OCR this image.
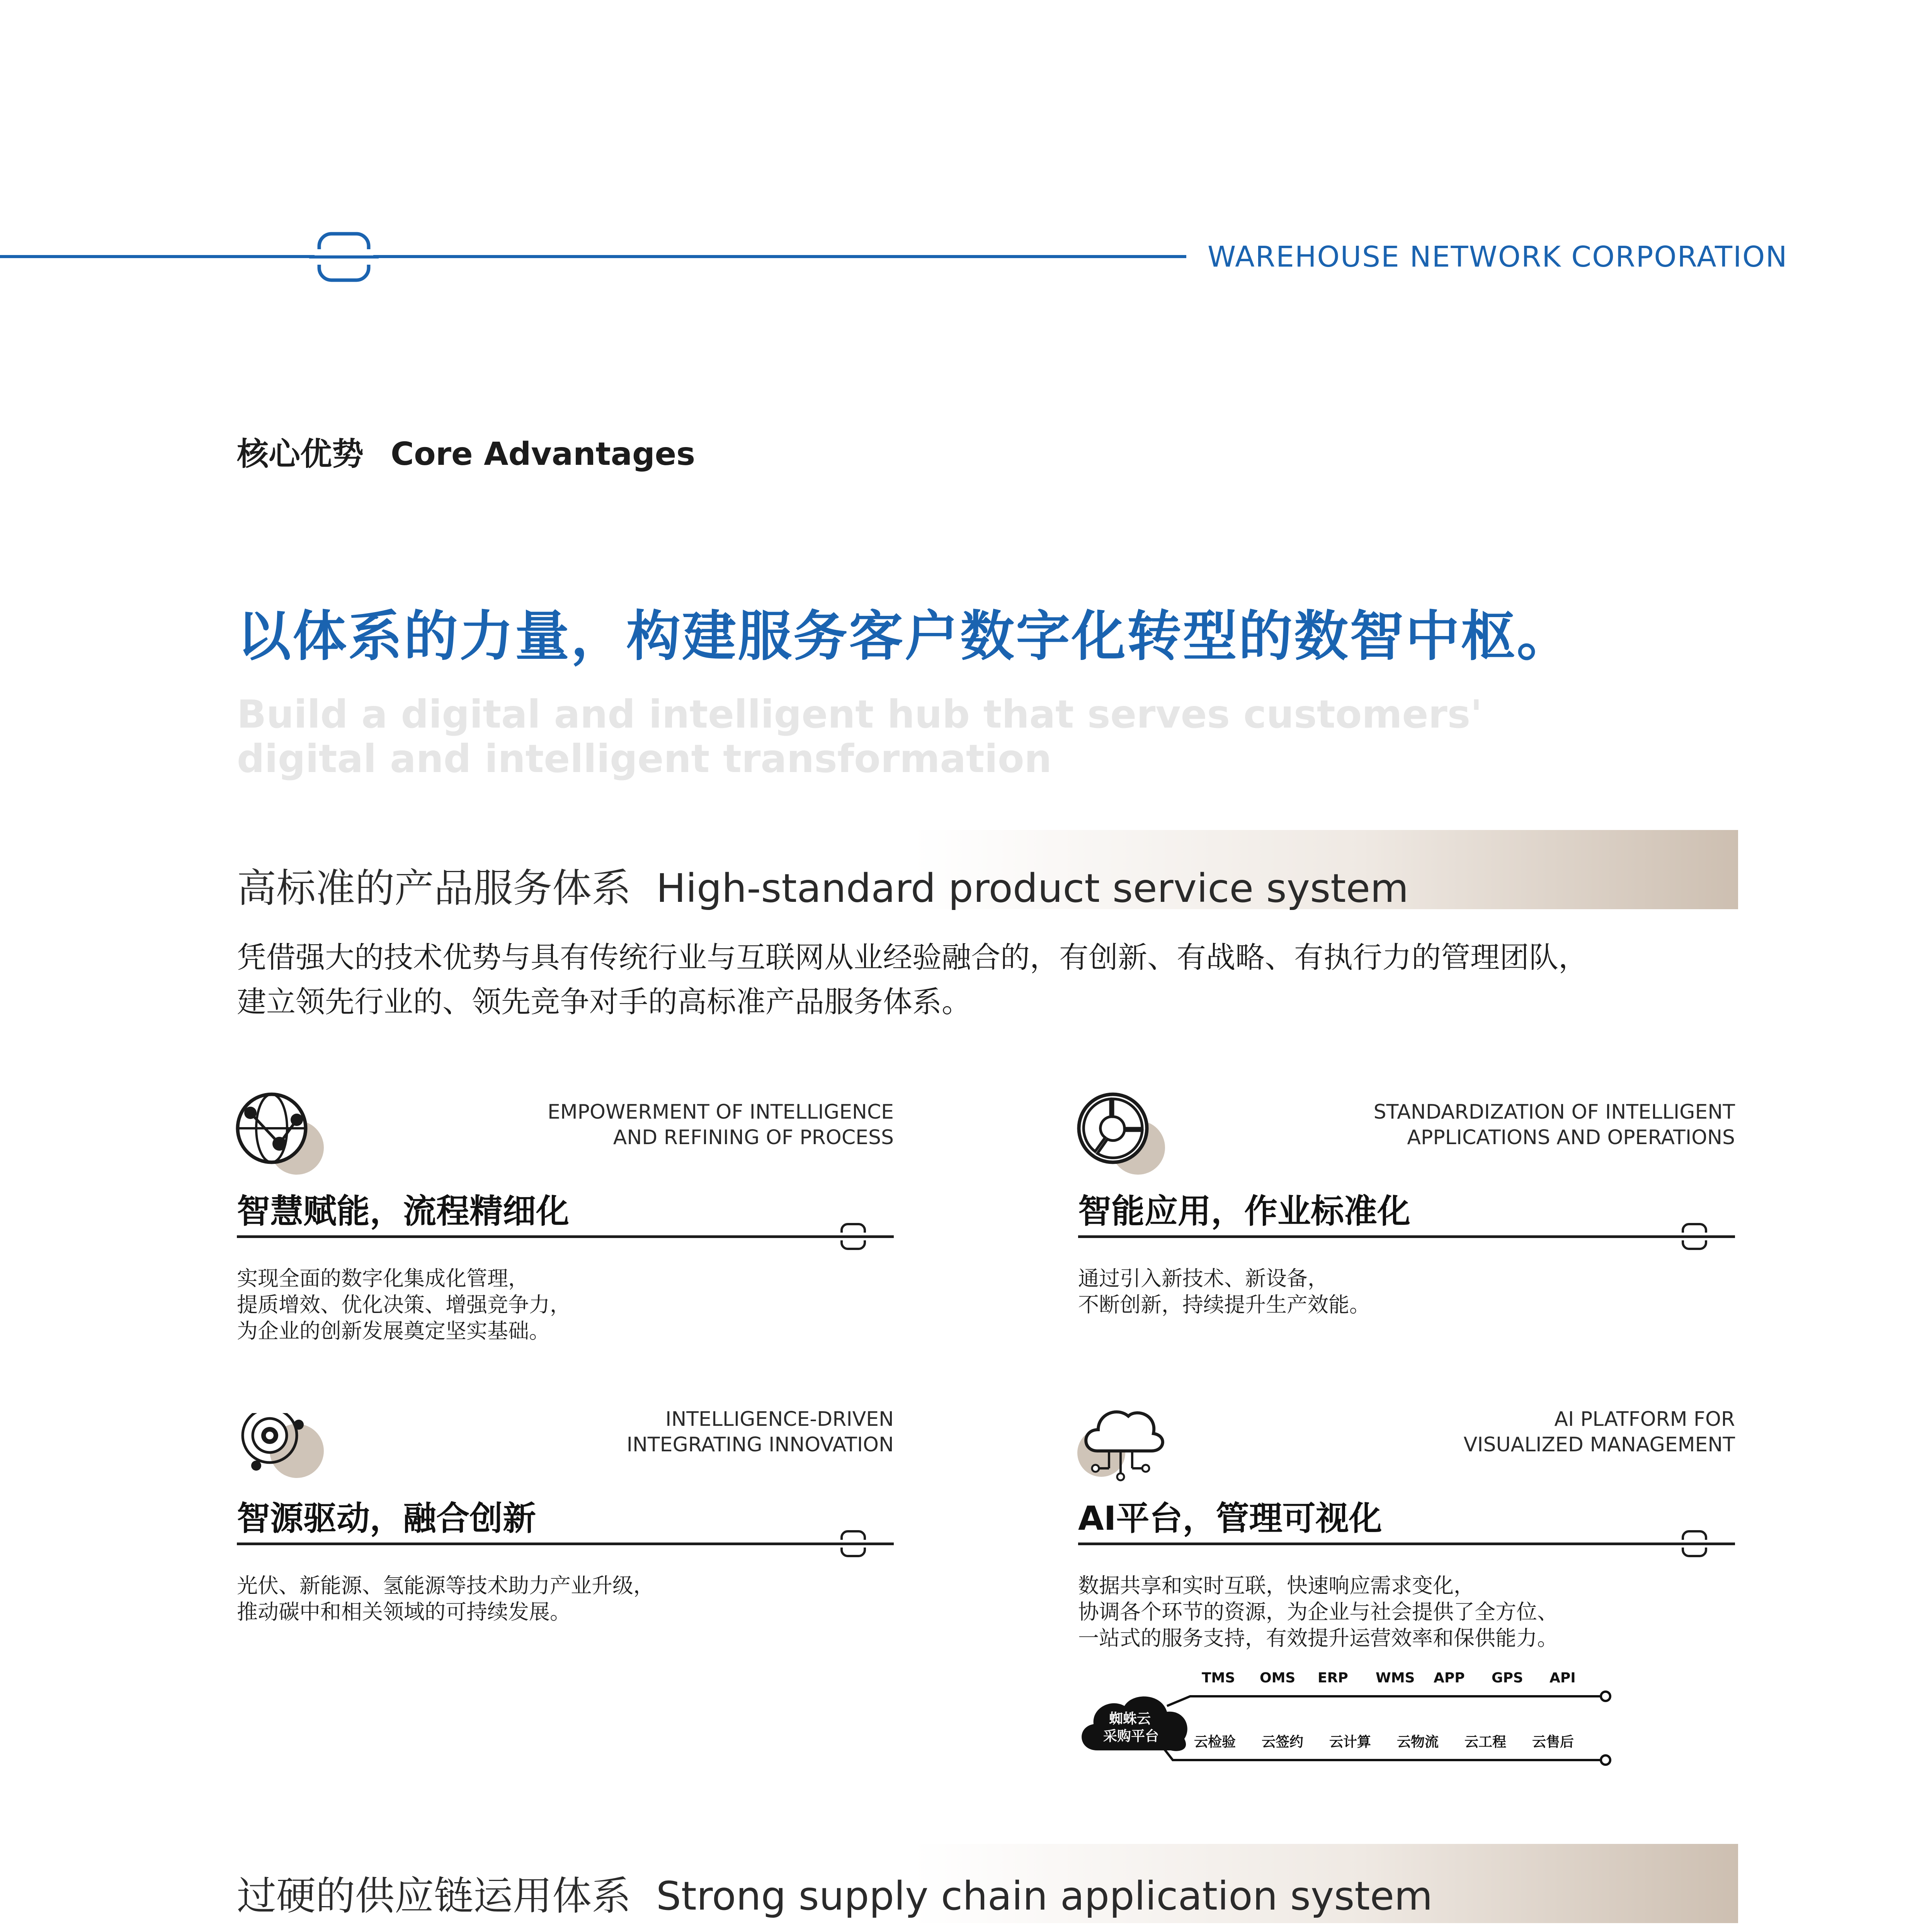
WAREHOUSE NETWORK CORPORATION
核心优势 Core Advantages
以体系的力量，构建服务客户数字化转型的数智中枢。
Build a digital and intelligent hub that serves customers'
digital and intelligent transformation
高标准的产品服务体系 High-standard product service system
凭借强大的技术优势与具有传统行业与互联网从业经验融合的，有创新、有战略、有执行力的管理团队，
建立领先行业的、领先竞争对手的高标准产品服务体系。
EMPOWERMENT OF INTELLIGENCE
AND REFINING OF PROCESS
智慧赋能，流程精细化
实现全面的数字化集成化管理，
提质增效、优化决策、增强竞争力，
为企业的创新发展奠定坚实基础。
STANDARDIZATION OF INTELLIGENT
APPLICATIONS AND OPERATIONS
智能应用，作业标准化
通过引入新技术、新设备，
不断创新，持续提升生产效能。
INTELLIGENCE-DRIVEN
INTEGRATING INNOVATION
智源驱动，融合创新
光伏、新能源、氢能源等技术助力产业升级，
推动碳中和相关领域的可持续发展。
AI PLATFORM FOR
VISUALIZED MANAGEMENT
AI平台，管理可视化
数据共享和实时互联，快速响应需求变化，
协调各个环节的资源，为企业与社会提供了全方位、
一站式的服务支持，有效提升运营效率和保供能力。
蜘蛛云
采购平台
TMS OMS ERP WMS APP GPS API
云检验 云签约 云计算 云物流 云工程 云售后
过硬的供应链运用体系 Strong supply chain application system
